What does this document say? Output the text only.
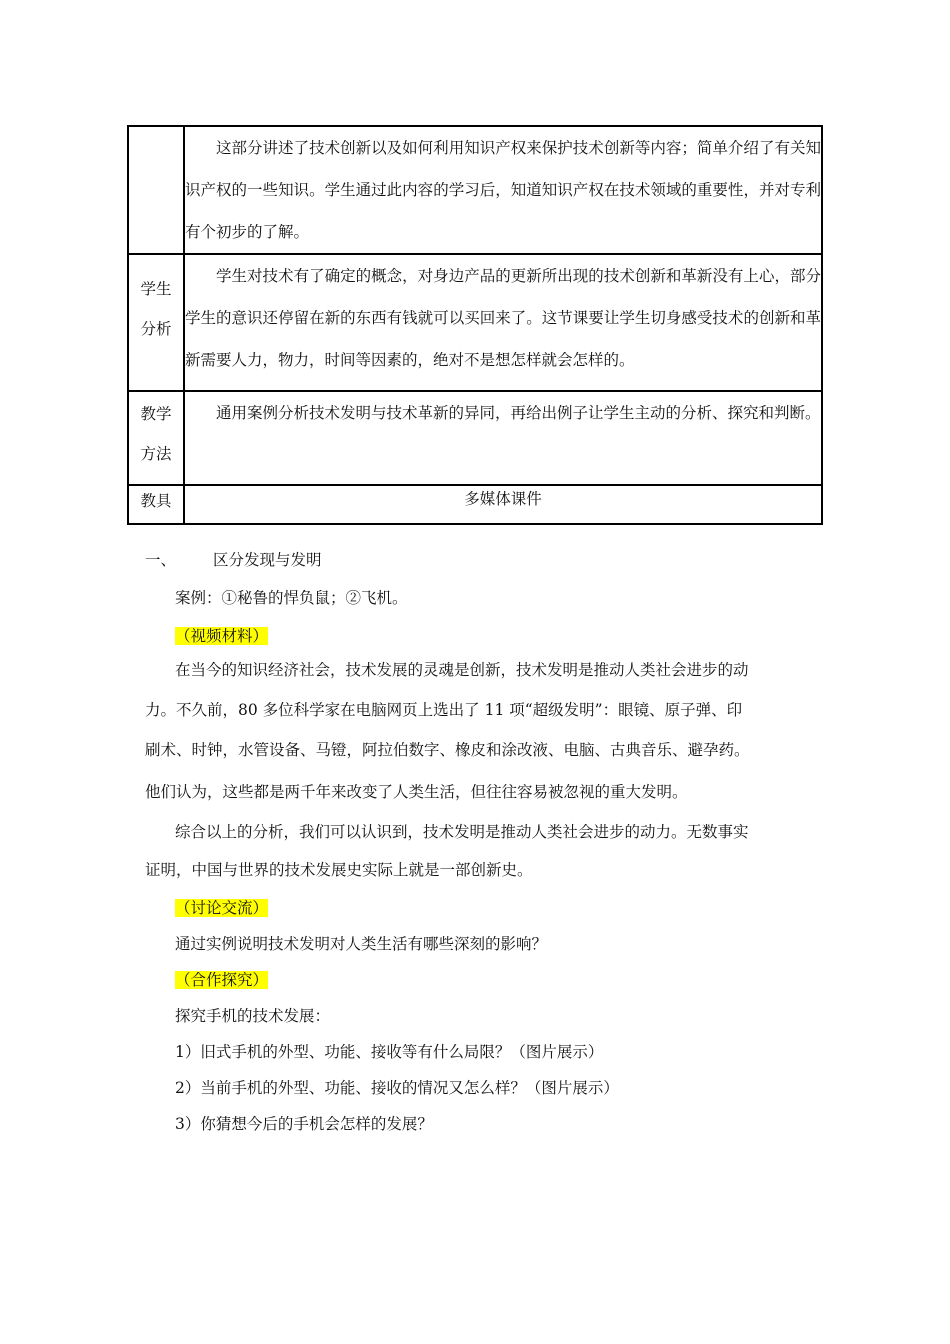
	这部分讲述了技术创新以及如何利用知识产权来保护技术创新等内容；简单介绍了有关知识产权的一些知识。学生通过此内容的学习后，知道知识产权在技术领域的重要性，并对专利有个初步的了解。

学生
分析	学生对技术有了确定的概念，对身边产品的更新所出现的技术创新和革新没有上心，部分学生的意识还停留在新的东西有钱就可以买回来了。这节课要让学生切身感受技术的创新和革新需要人力，物力，时间等因素的，绝对不是想怎样就会怎样的。

教学
方法	通用案例分析技术发明与技术革新的异同，再给出例子让学生主动的分析、探究和判断。

教具	多媒体课件
一、 区分发现与发明
案例：①秘鲁的悍负鼠；②飞机。
（视频材料）
在当今的知识经济社会，技术发展的灵魂是创新，技术发明是推动人类社会进步的动
力。不久前，80 多位科学家在电脑网页上选出了 11 项“超级发明”：眼镜、原子弹、印
刷术、时钟，水管设备、马镫，阿拉伯数字、橡皮和涂改液、电脑、古典音乐、避孕药。
他们认为，这些都是两千年来改变了人类生活，但往往容易被忽视的重大发明。
综合以上的分析，我们可以认识到，技术发明是推动人类社会进步的动力。无数事实
证明，中国与世界的技术发展史实际上就是一部创新史。
（讨论交流）
通过实例说明技术发明对人类生活有哪些深刻的影响？
（合作探究）
探究手机的技术发展：
1）旧式手机的外型、功能、接收等有什么局限？（图片展示）
2）当前手机的外型、功能、接收的情况又怎么样？（图片展示）
3）你猜想今后的手机会怎样的发展？
